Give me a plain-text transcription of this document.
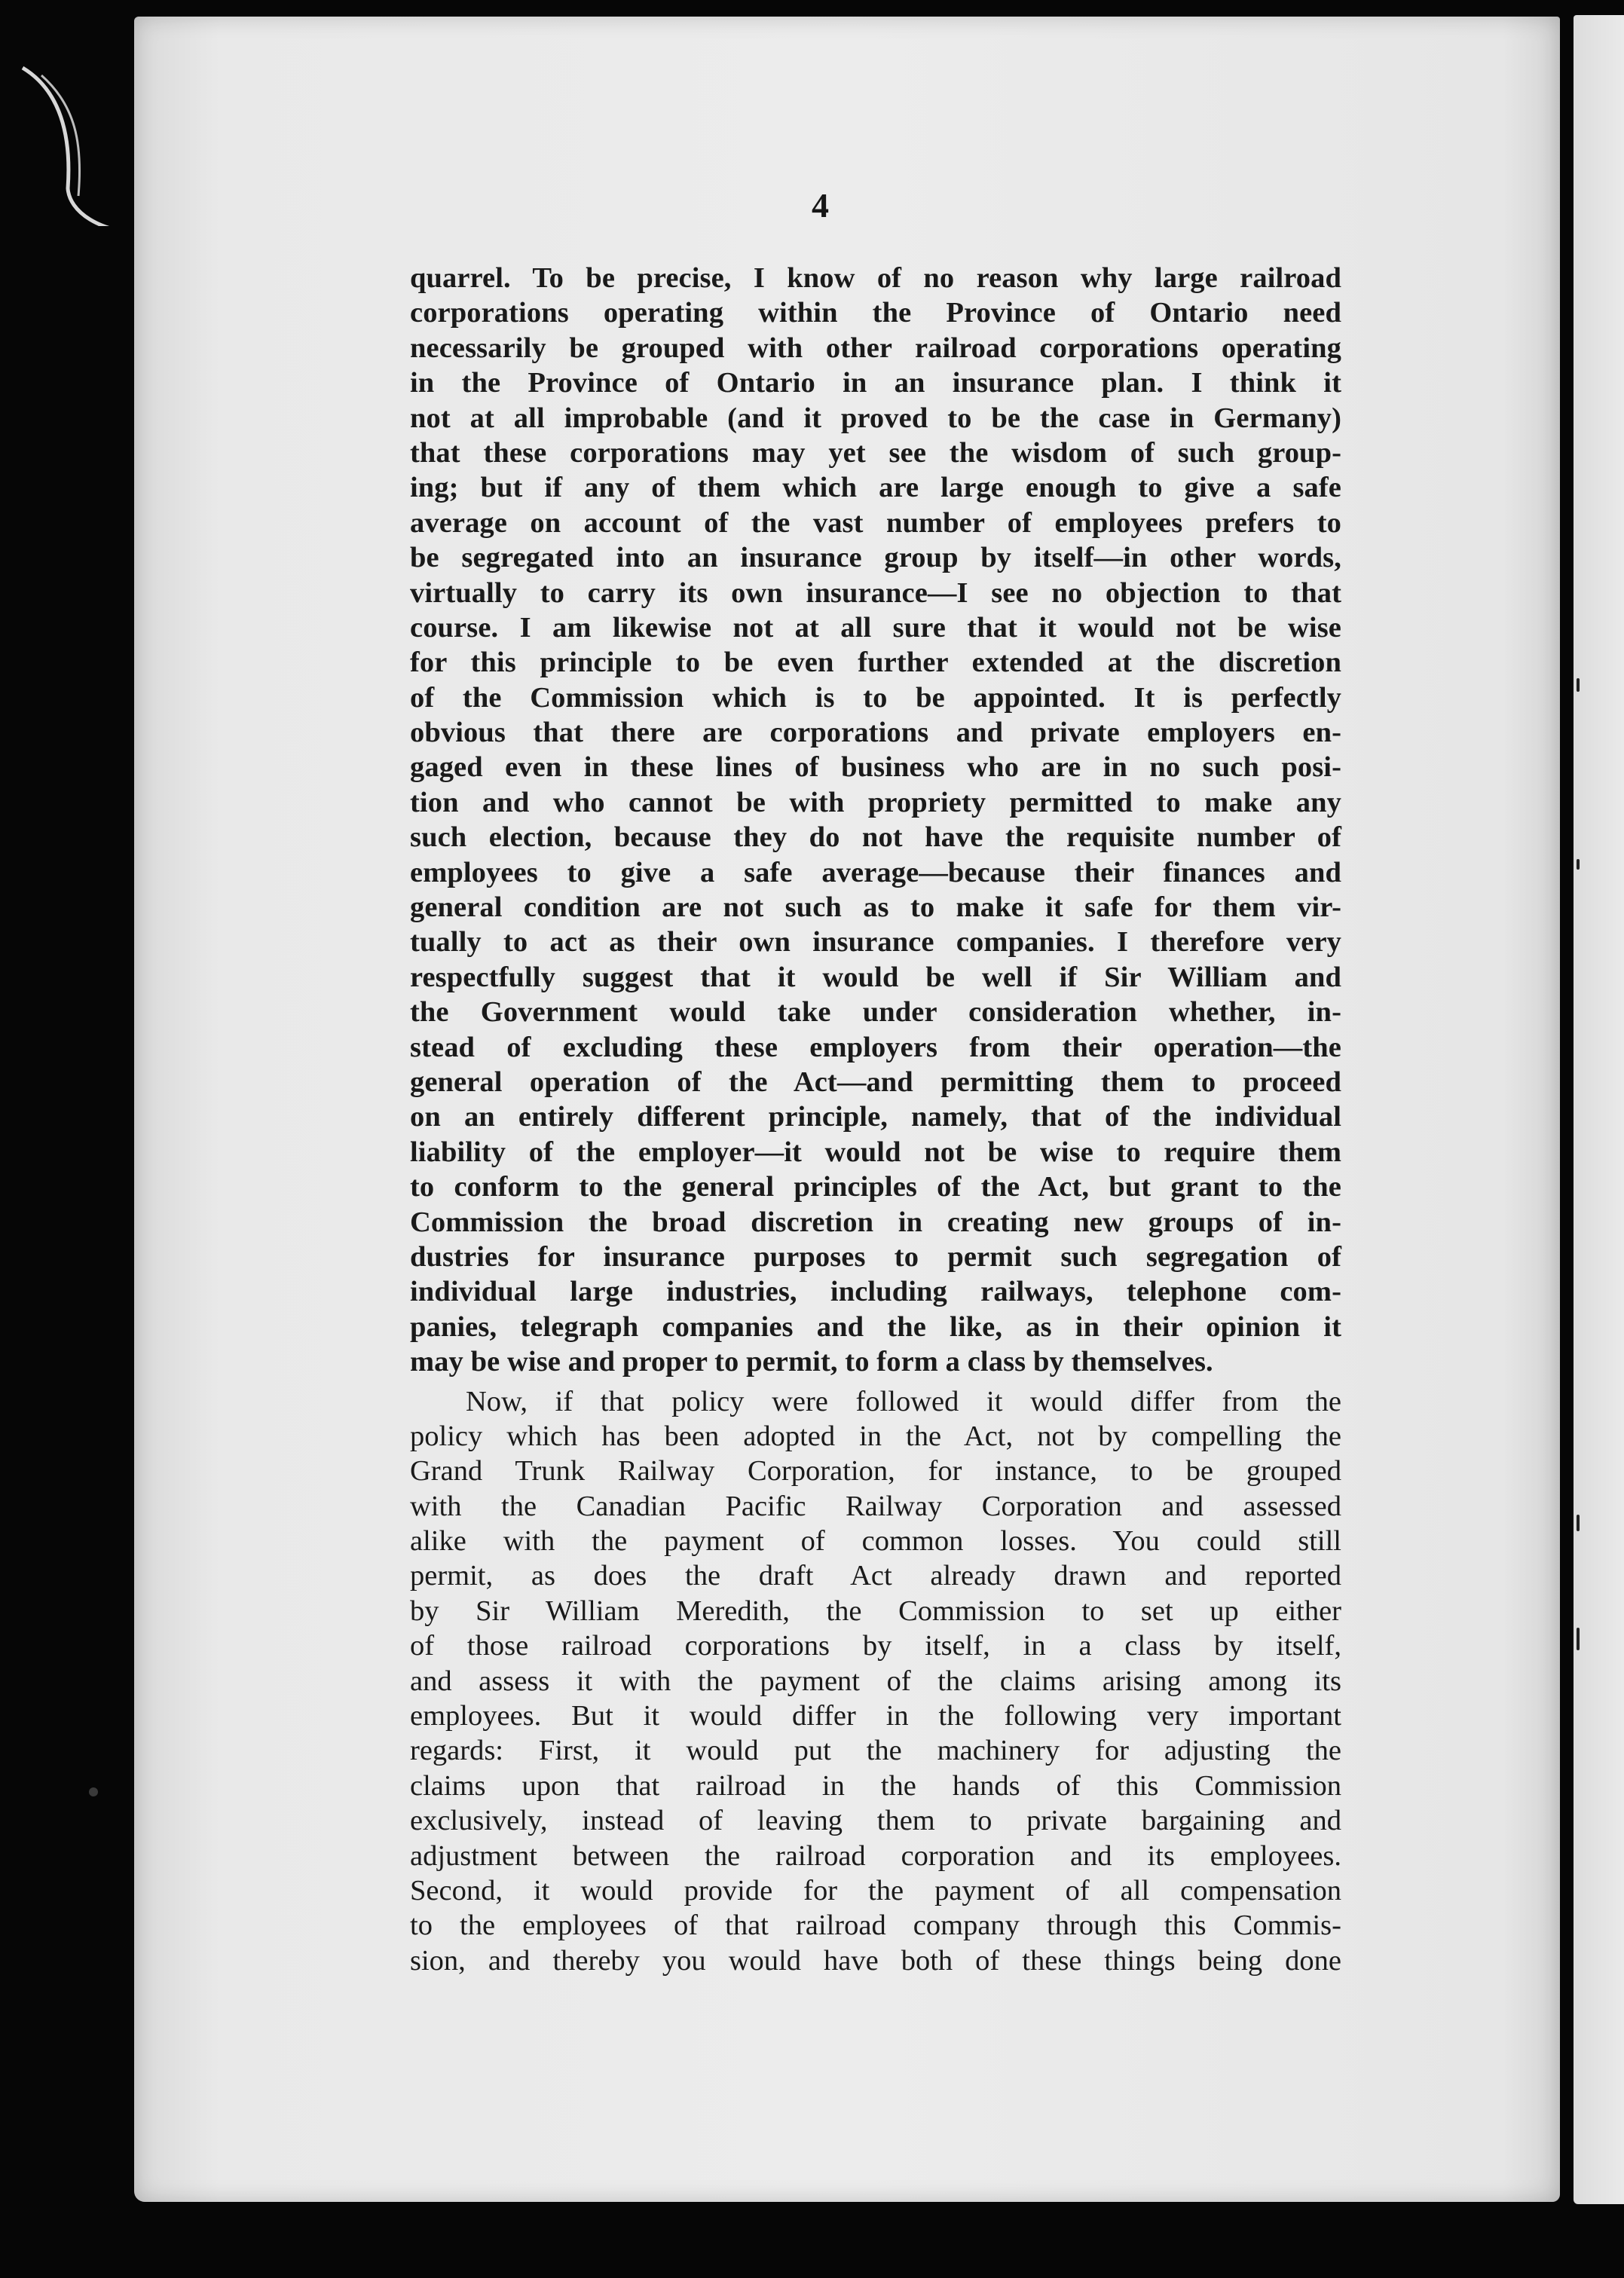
4

quarrel. To be precise, I know of no reason why large railroad
corporations operating within the Province of Ontario need
necessarily be grouped with other railroad corporations operating
in the Province of Ontario in an insurance plan. I think it
not at all improbable (and it proved to be the case in Germany)
that these corporations may yet see the wisdom of such group-
ing; but if any of them which are large enough to give a safe
average on account of the vast number of employees prefers to
be segregated into an insurance group by itself—in other words,
virtually to carry its own insurance—I see no objection to that
course. I am likewise not at all sure that it would not be wise
for this principle to be even further extended at the discretion
of the Commission which is to be appointed. It is perfectly
obvious that there are corporations and private employers en-
gaged even in these lines of business who are in no such posi-
tion and who cannot be with propriety permitted to make any
such election, because they do not have the requisite number of
employees to give a safe average—because their finances and
general condition are not such as to make it safe for them vir-
tually to act as their own insurance companies. I therefore very
respectfully suggest that it would be well if Sir William and
the Government would take under consideration whether, in-
stead of excluding these employers from their operation—the
general operation of the Act—and permitting them to proceed
on an entirely different principle, namely, that of the individual
liability of the employer—it would not be wise to require them
to conform to the general principles of the Act, but grant to the
Commission the broad discretion in creating new groups of in-
dustries for insurance purposes to permit such segregation of
individual large industries, including railways, telephone com-
panies, telegraph companies and the like, as in their opinion it
may be wise and proper to permit, to form a class by themselves.

Now, if that policy were followed it would differ from the
policy which has been adopted in the Act, not by compelling the
Grand Trunk Railway Corporation, for instance, to be grouped
with the Canadian Pacific Railway Corporation and assessed
alike with the payment of common losses. You could still
permit, as does the draft Act already drawn and reported
by Sir William Meredith, the Commission to set up either
of those railroad corporations by itself, in a class by itself,
and assess it with the payment of the claims arising among its
employees. But it would differ in the following very important
regards: First, it would put the machinery for adjusting the
claims upon that railroad in the hands of this Commission
exclusively, instead of leaving them to private bargaining and
adjustment between the railroad corporation and its employees.
Second, it would provide for the payment of all compensation
to the employees of that railroad company through this Commis-
sion, and thereby you would have both of these things being done
